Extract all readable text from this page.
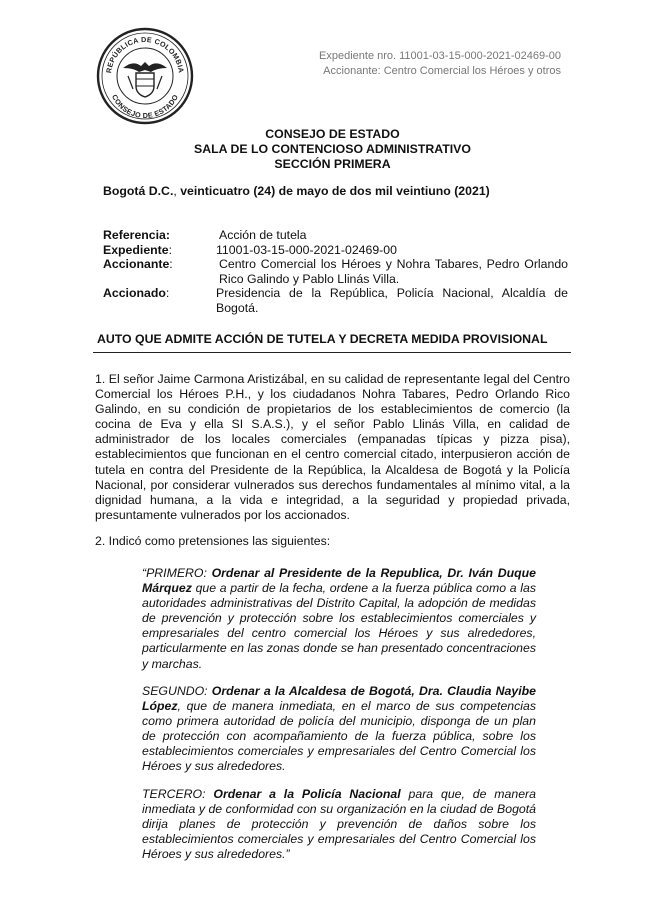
REPÚBLICA DE COLOMBIA
CONSEJO DE ESTADO
Expediente nro. 11001-03-15-000-2021-02469-00
Accionante: Centro Comercial los Héroes y otros
CONSEJO DE ESTADO
SALA DE LO CONTENCIOSO ADMINISTRATIVO
SECCIÓN PRIMERA
Bogotá D.C., veinticuatro (24) de mayo de dos mil veintiuno (2021)
Referencia:	Acción de tutela
Expediente:	11001-03-15-000-2021-02469-00
Accionante:	Centro Comercial los Héroes y Nohra Tabares, Pedro Orlando Rico Galindo y Pablo Llinás Villa.
Accionado:	Presidencia de la República, Policía Nacional, Alcaldía de Bogotá.
AUTO QUE ADMITE ACCIÓN DE TUTELA Y DECRETA MEDIDA PROVISIONAL
1. El señor Jaime Carmona Aristizábal, en su calidad de representante legal del Centro Comercial los Héroes P.H., y los ciudadanos Nohra Tabares, Pedro Orlando Rico Galindo, en su condición de propietarios de los establecimientos de comercio (la cocina de Eva y ella SI S.A.S.), y el señor Pablo Llinás Villa, en calidad de administrador de los locales comerciales (empanadas típicas y pizza pisa), establecimientos que funcionan en el centro comercial citado, interpusieron acción de tutela en contra del Presidente de la República, la Alcaldesa de Bogotá y la Policía Nacional, por considerar vulnerados sus derechos fundamentales al mínimo vital, a la dignidad humana, a la vida e integridad, a la seguridad y propiedad privada, presuntamente vulnerados por los accionados.
2. Indicó como pretensiones las siguientes:
“PRIMERO: Ordenar al Presidente de la Republica, Dr. Iván Duque Márquez que a partir de la fecha, ordene a la fuerza pública como a las autoridades administrativas del Distrito Capital, la adopción de medidas de prevención y protección sobre los establecimientos comerciales y empresariales del centro comercial los Héroes y sus alrededores, particularmente en las zonas donde se han presentado concentraciones y marchas.
SEGUNDO: Ordenar a la Alcaldesa de Bogotá, Dra. Claudia Nayibe López, que de manera inmediata, en el marco de sus competencias como primera autoridad de policía del municipio, disponga de un plan de protección con acompañamiento de la fuerza pública, sobre los establecimientos comerciales y empresariales del Centro Comercial los Héroes y sus alrededores.
TERCERO: Ordenar a la Policía Nacional para que, de manera inmediata y de conformidad con su organización en la ciudad de Bogotá dirija planes de protección y prevención de daños sobre los establecimientos comerciales y empresariales del Centro Comercial los Héroes y sus alrededores.”
